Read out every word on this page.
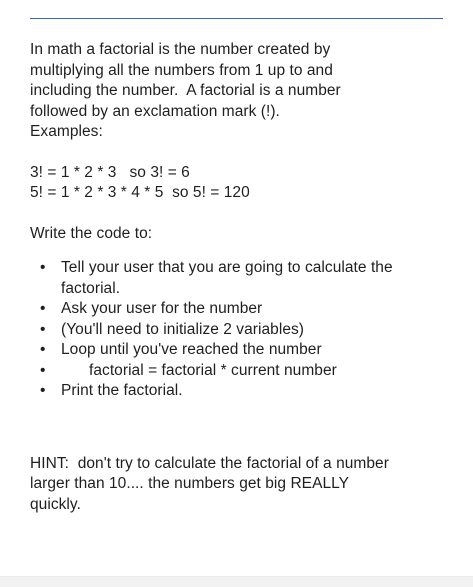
In math a factorial is the number created by
multiplying all the numbers from 1 up to and
including the number.  A factorial is a number
followed by an exclamation mark (!).
Examples:

3! = 1 * 2 * 3   so 3! = 6
5! = 1 * 2 * 3 * 4 * 5  so 5! = 120

Write the code to:

• Tell your user that you are going to calculate the
factorial.
• Ask your user for the number
• (You'll need to initialize 2 variables)
• Loop until you've reached the number
•	factorial = factorial * current number
• Print the factorial.

HINT:  don't try to calculate the factorial of a number
larger than 10.... the numbers get big REALLY
quickly.
